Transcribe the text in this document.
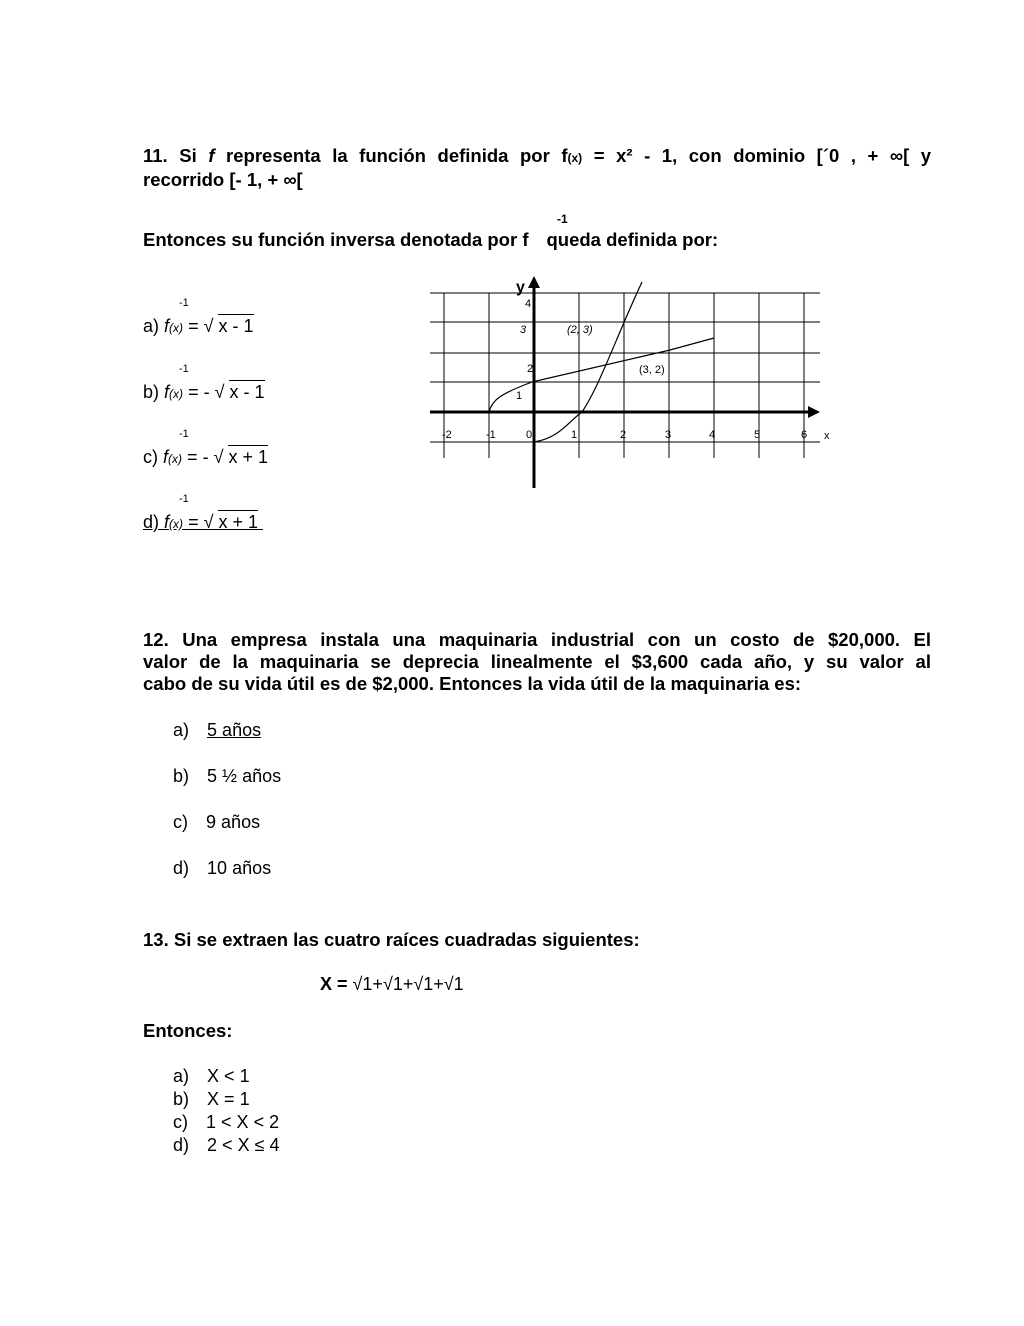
11. Si f representa la función definida por f(x) = x² - 1, con dominio [´0 , + ∞[ y
recorrido [- 1, + ∞[
-1
Entonces su función inversa denotada por f queda definida por:
-1
a) f(x) = √ x - 1
-1
b) f(x) = - √ x - 1
-1
c) f(x) = - √ x + 1
-1
d) f(x) = √ x + 1
y
x
-2	-1	0	1	2	3	4	5	6
1
2
3
4
(2, 3)
(3, 2)
12. Una empresa instala una maquinaria industrial con un costo de $20,000. El
valor de la maquinaria se deprecia linealmente el $3,600 cada año, y su valor al
cabo de su vida útil es de $2,000. Entonces la vida útil de la maquinaria es:
a) 5 años
b) 5 ½ años
c) 9 años
d) 10 años
13. Si se extraen las cuatro raíces cuadradas siguientes:
X = √1+√1+√1+√1
Entonces:
a) X < 1
b) X = 1
c) 1 < X < 2
d) 2 < X ≤ 4
